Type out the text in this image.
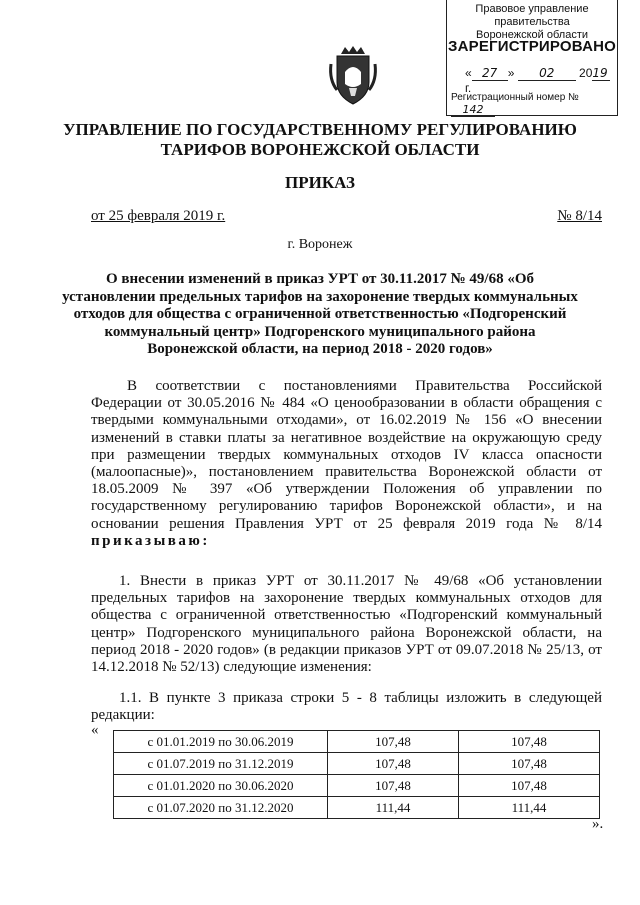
Правовое управление правительства
Воронежской области
ЗАРЕГИСТРИРОВАНО
« 27 » 02 2019г.
Регистрационный номер № 142
УПРАВЛЕНИЕ ПО ГОСУДАРСТВЕННОМУ РЕГУЛИРОВАНИЮ
ТАРИФОВ ВОРОНЕЖСКОЙ ОБЛАСТИ
ПРИКАЗ
от 25 февраля 2019 г.	№ 8/14
г. Воронеж
О внесении изменений в приказ УРТ от 30.11.2017 № 49/68 «Об установлении предельных тарифов на захоронение твердых коммунальных отходов для общества с ограниченной ответственностью «Подгоренский коммунальный центр» Подгоренского муниципального района Воронежской области, на период 2018 - 2020 годов»
В соответствии с постановлениями Правительства Российской Федерации от 30.05.2016 № 484 «О ценообразовании в области обращения с твердыми коммунальными отходами», от 16.02.2019 № 156 «О внесении изменений в ставки платы за негативное воздействие на окружающую среду при размещении твердых коммунальных отходов IV класса опасности (малоопасные)», постановлением правительства Воронежской области от 18.05.2009 № 397 «Об утверждении Положения об управлении по государственному регулированию тарифов Воронежской области», и на основании решения Правления УРТ от 25 февраля 2019 года № 8/14 приказываю:
1. Внести в приказ УРТ от 30.11.2017 № 49/68 «Об установлении предельных тарифов на захоронение твердых коммунальных отходов для общества с ограниченной ответственностью «Подгоренский коммунальный центр» Подгоренского муниципального района Воронежской области, на период 2018 - 2020 годов» (в редакции приказов УРТ от 09.07.2018 № 25/13, от 14.12.2018 № 52/13) следующие изменения:
1.1. В пункте 3 приказа строки 5 - 8 таблицы изложить в следующей редакции:
«
с 01.01.2019 по 30.06.2019	107,48	107,48
с 01.07.2019 по 31.12.2019	107,48	107,48
с 01.01.2020 по 30.06.2020	107,48	107,48
с 01.07.2020 по 31.12.2020	111,44	111,44
».
